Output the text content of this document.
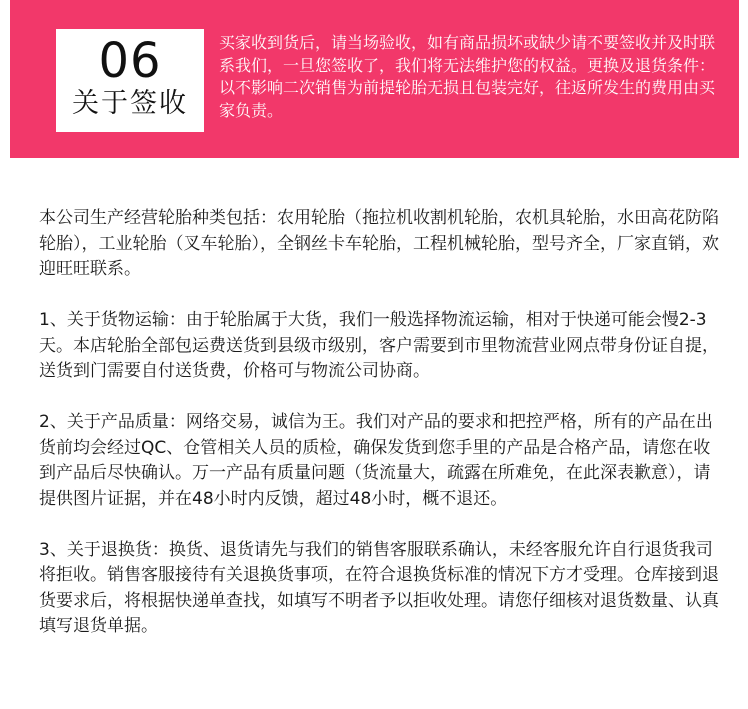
06
关于签收

买家收到货后，请当场验收，如有商品损坏或缺少请不要签收并及时联系我们，一旦您签收了，我们将无法维护您的权益。更换及退货条件：以不影响二次销售为前提轮胎无损且包装完好，往返所发生的费用由买家负责。

本公司生产经营轮胎种类包括：农用轮胎（拖拉机收割机轮胎，农机具轮胎，水田高花防陷轮胎），工业轮胎（叉车轮胎），全钢丝卡车轮胎，工程机械轮胎，型号齐全，厂家直销，欢迎旺旺联系。

1、关于货物运输：由于轮胎属于大货，我们一般选择物流运输，相对于快递可能会慢2-3天。本店轮胎全部包运费送货到县级市级别，客户需要到市里物流营业网点带身份证自提，送货到门需要自付送货费，价格可与物流公司协商。

2、关于产品质量：网络交易，诚信为王。我们对产品的要求和把控严格，所有的产品在出货前均会经过QC、仓管相关人员的质检，确保发货到您手里的产品是合格产品，请您在收到产品后尽快确认。万一产品有质量问题（货流量大，疏露在所难免，在此深表歉意），请提供图片证据，并在48小时内反馈，超过48小时，概不退还。

3、关于退换货：换货、退货请先与我们的销售客服联系确认，未经客服允许自行退货我司将拒收。销售客服接待有关退换货事项，在符合退换货标准的情况下方才受理。仓库接到退货要求后，将根据快递单查找，如填写不明者予以拒收处理。请您仔细核对退货数量、认真填写退货单据。
